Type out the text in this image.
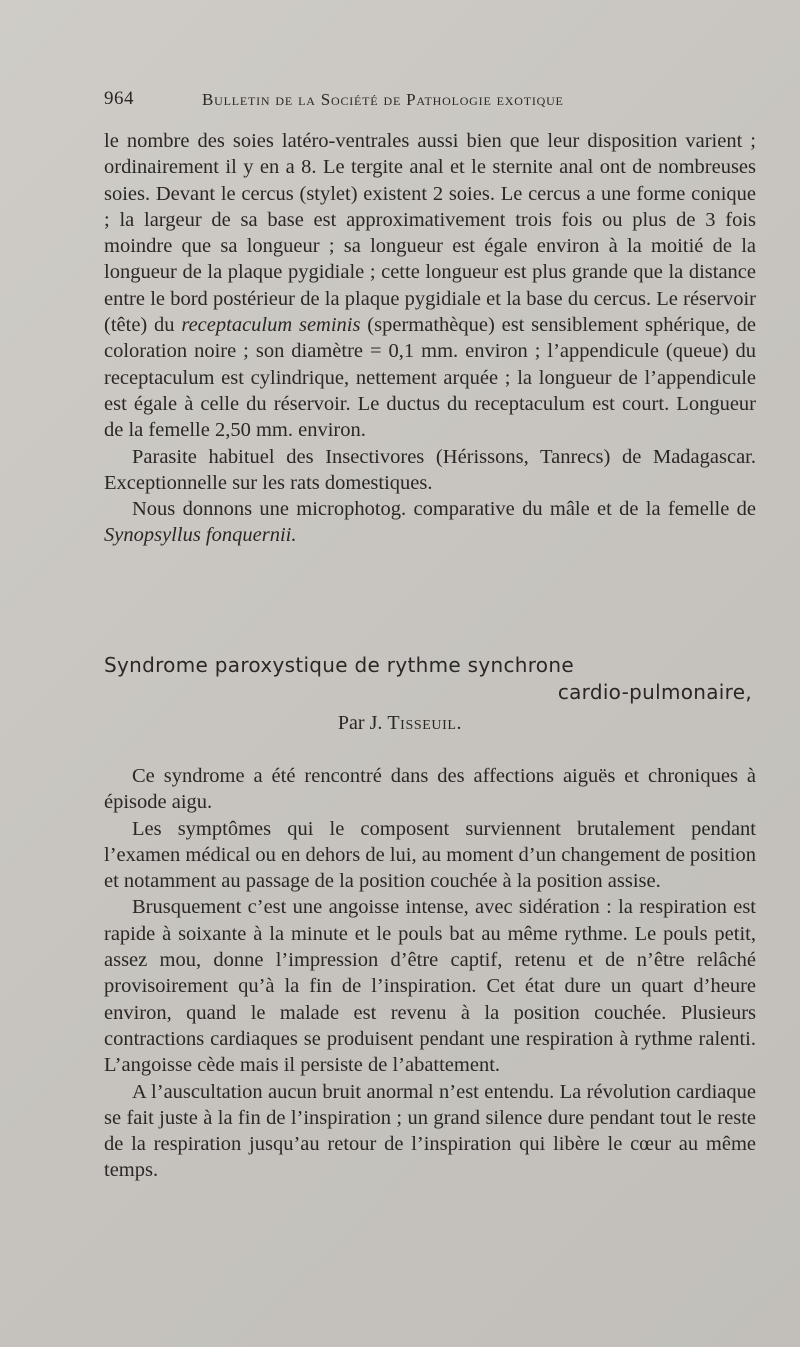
964	Bulletin de la Société de Pathologie exotique

le nombre des soies latéro-ventrales aussi bien que leur disposition varient ; ordinairement il y en a 8. Le tergite anal et le sternite anal ont de nombreuses soies. Devant le cercus (stylet) existent 2 soies. Le cercus a une forme conique ; la largeur de sa base est approximativement trois fois ou plus de 3 fois moindre que sa longueur ; sa longueur est égale environ à la moitié de la longueur de la plaque pygidiale ; cette longueur est plus grande que la distance entre le bord postérieur de la plaque pygidiale et la base du cercus. Le réservoir (tête) du receptaculum seminis (spermathèque) est sensiblement sphérique, de coloration noire ; son diamètre = 0,1 mm. environ ; l’appendicule (queue) du receptaculum est cylindrique, nettement arquée ; la longueur de l’appendicule est égale à celle du réservoir. Le ductus du receptaculum est court. Longueur de la femelle 2,50 mm. environ.

Parasite habituel des Insectivores (Hérissons, Tanrecs) de Madagascar. Exceptionnelle sur les rats domestiques.

Nous donnons une microphotog. comparative du mâle et de la femelle de Synopsyllus fonquernii.

Syndrome paroxystique de rythme synchrone
cardio-pulmonaire,
Par J. Tisseuil.

Ce syndrome a été rencontré dans des affections aiguës et chroniques à épisode aigu.

Les symptômes qui le composent surviennent brutalement pendant l’examen médical ou en dehors de lui, au moment d’un changement de position et notamment au passage de la position couchée à la position assise.

Brusquement c’est une angoisse intense, avec sidération : la respiration est rapide à soixante à la minute et le pouls bat au même rythme. Le pouls petit, assez mou, donne l’impression d’être captif, retenu et de n’être relâché provisoirement qu’à la fin de l’inspiration. Cet état dure un quart d’heure environ, quand le malade est revenu à la position couchée. Plusieurs contractions cardiaques se produisent pendant une respiration à rythme ralenti. L’angoisse cède mais il persiste de l’abattement.

A l’auscultation aucun bruit anormal n’est entendu. La révolution cardiaque se fait juste à la fin de l’inspiration ; un grand silence dure pendant tout le reste de la respiration jusqu’au retour de l’inspiration qui libère le cœur au même temps.
